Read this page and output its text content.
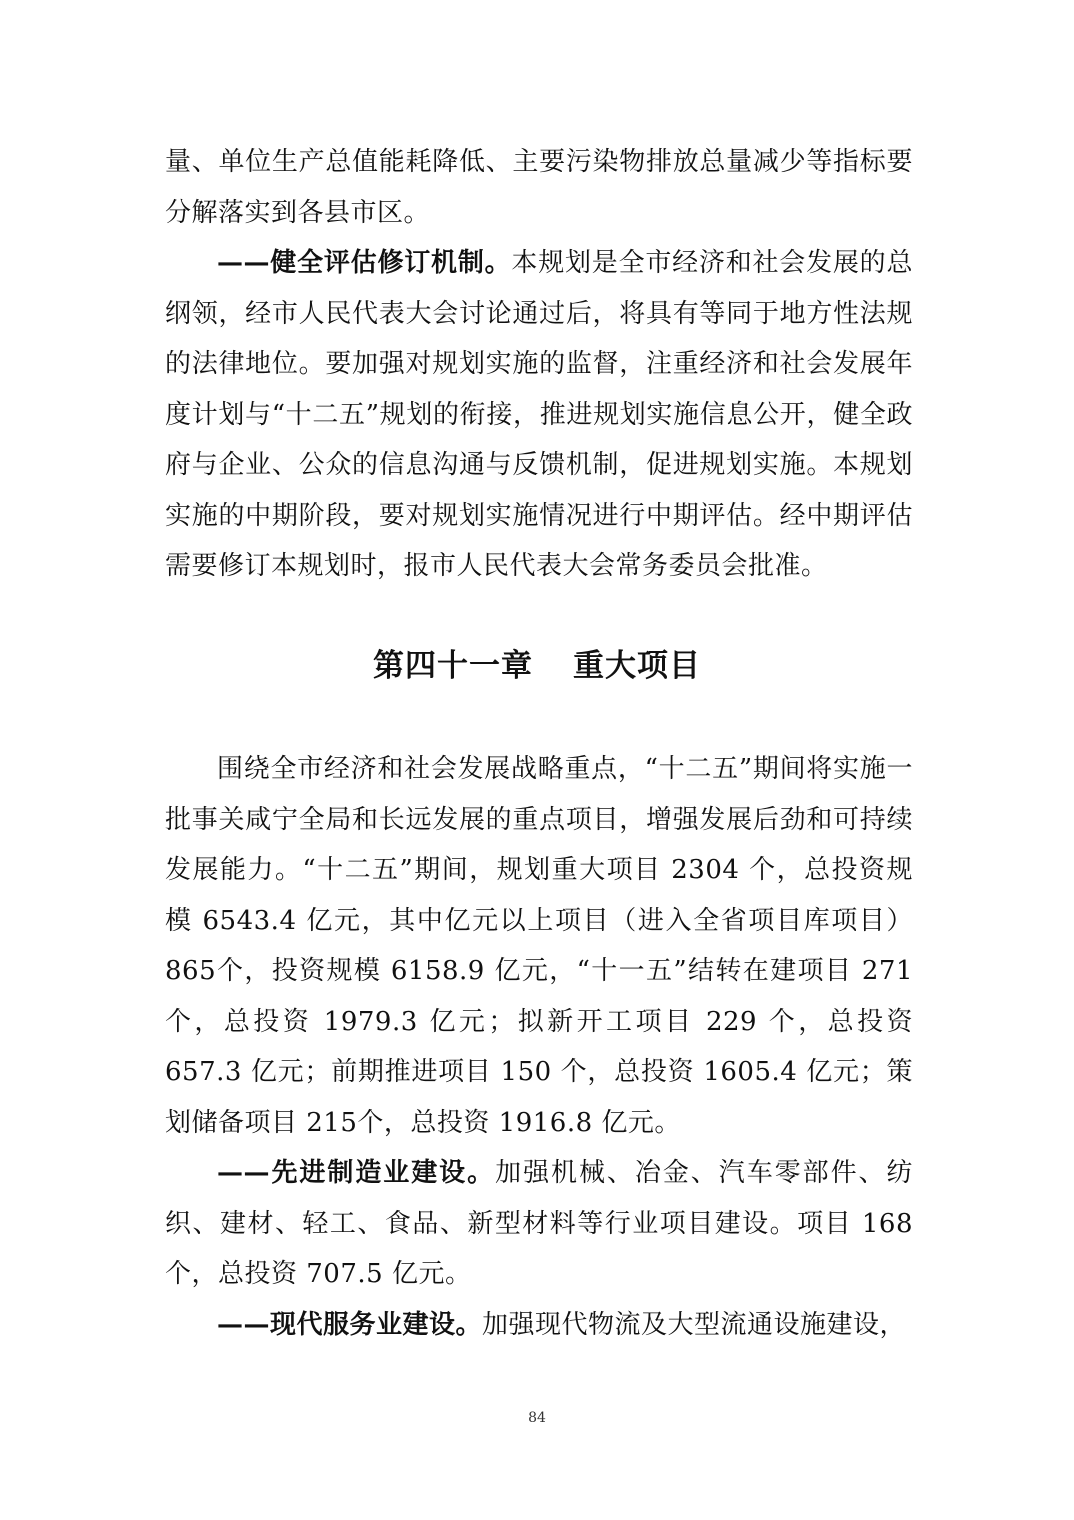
量、单位生产总值能耗降低、主要污染物排放总量减少等指标要分解落实到各县市区。

——健全评估修订机制。本规划是全市经济和社会发展的总纲领，经市人民代表大会讨论通过后，将具有等同于地方性法规的法律地位。要加强对规划实施的监督，注重经济和社会发展年度计划与“十二五”规划的衔接，推进规划实施信息公开，健全政府与企业、公众的信息沟通与反馈机制，促进规划实施。本规划实施的中期阶段，要对规划实施情况进行中期评估。经中期评估需要修订本规划时，报市人民代表大会常务委员会批准。

第四十一章 重大项目

围绕全市经济和社会发展战略重点，“十二五”期间将实施一批事关咸宁全局和长远发展的重点项目，增强发展后劲和可持续发展能力。“十二五”期间，规划重大项目 2304 个，总投资规模 6543.4 亿元，其中亿元以上项目（进入全省项目库项目）865个，投资规模 6158.9 亿元，“十一五”结转在建项目 271 个，总投资 1979.3 亿元；拟新开工项目 229 个，总投资 657.3 亿元；前期推进项目 150 个，总投资 1605.4 亿元；策划储备项目 215个，总投资 1916.8 亿元。

——先进制造业建设。加强机械、冶金、汽车零部件、纺织、建材、轻工、食品、新型材料等行业项目建设。项目 168 个，总投资 707.5 亿元。

——现代服务业建设。加强现代物流及大型流通设施建设，

84
